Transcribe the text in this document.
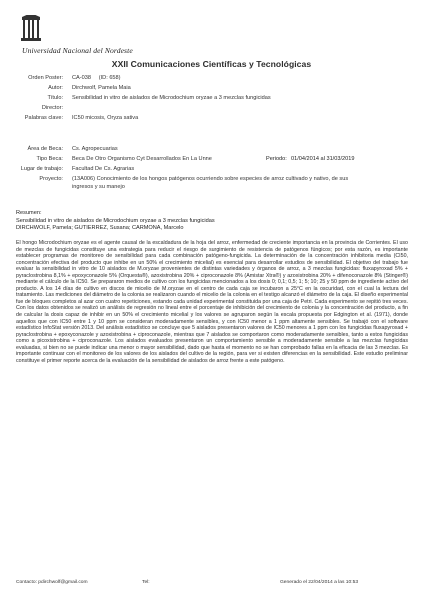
Universidad Nacional del Nordeste
XXII Comunicaciones Científicas y Tecnológicas
Orden Poster: CA-038 (ID: 658)
Autor: Dirchwolf, Pamela Maia
Título: Sensibilidad in vitro de aislados de Microdochium oryzae a 3 mezclas fungicidas
Director:
Palabras clave: IC50 micosis, Oryza sativa
Área de Beca: Cs. Agropecuarias
Tipo Beca: Beca De Otro Organismo Cyt Desarrollados En La Unne	Periodo: 01/04/2014 al 31/03/2019
Lugar de trabajo: Facultad De Cs. Agrarias
Proyecto: (13A006) Conocimiento de los hongos patógenos ocurriendo sobre especies de arroz cultivado y nativo, de sus
ingresos y su manejo
Resumen:
Sensibilidad in vitro de aislados de Microdochium oryzae a 3 mezclas fungicidas
DIRCHWOLF, Pamela; GUTIERREZ, Susana; CARMONA, Marcelo

El hongo Microdochium oryzae es el agente causal de la escaldadura de la hoja del arroz, enfermedad de creciente importancia en la provincia de Corrientes. El uso de mezclas de fungicidas constituye una estrategia para reducir el riesgo de surgimiento de resistencia de patógenos fúngicos; por esta razón, es importante establecer programas de monitoreo de sensibilidad para cada combinación patógeno-fungicida. La determinación de la concentración inhibitoria media (CI50, concentración efectiva del producto que inhibe en un 50% el crecimiento micelial) es esencial para desarrollar estudios de sensibilidad. El objetivo del trabajo fue evaluar la sensibilidad in vitro de 10 aislados de M.oryzae provenientes de distintas variedades y órganos de arroz, a 3 mezclas fungicidas: fluxapyroxad 5% + pyraclostrobina 8,1% + epoxyconazole 5% (Orquesta®), azoxistrobina 20% + ciproconazole 8% (Amistar Xtra®) y azoxistrobina 20% + difenoconazole 8% (Stinger®) mediante el cálculo de la IC50. Se prepararon medios de cultivo con los fungicidas mencionados a los dosis 0; 0,1; 0,5; 1; 5; 10; 25 y 50 ppm de ingrediente activo del producto. A los 14 días de cultivo en discos de micelio de M.oryzae en el centro de cada caja se incubaron a 25°C en la oscuridad, con el cual la lectura del tratamiento. Las mediciones del diámetro de la colonia se realizaron cuando el micelio de la colonia en el testigo alcanzó el diámetro de la caja. El diseño experimental fue de bloques completos al azar con cuatro repeticiones, estando cada unidad experimental constituida por una caja de Petri. Cada experimento se repitió tres veces. Con los datos obtenidos se realizó un análisis de regresión no lineal entre el porcentaje de inhibición del crecimiento de colonia y la concentración del producto, a fin de calcular la dosis capaz de inhibir en un 50% el crecimiento micelial y los valores se agruparon según la escala propuesta por Edgington et al. (1971), donde aquellos que con IC50 entre 1 y 10 ppm se consideran moderadamente sensibles, y con IC50 menor a 1 ppm altamente sensibles. Se trabajó con el software estadístico InfoStat versión 2013. Del análisis estadístico se concluye que 5 aislados presentaron valores de IC50 menores a 1 ppm con los fungicidas fluxapyroxad + pyraclostrobina + epoxyconazole y azoxistrobina + ciproconazole, mientras que 7 aislados se comportaron como moderadamente sensibles, tanto a estos fungicidas como a picoxistrobina + ciproconazole. Los aislados evaluados presentaron un comportamiento sensible a moderadamente sensible a las mezclas fungicidas evaluadas, si bien no se puede indicar una menor o mayor sensibilidad, dado que hasta el momento no se han comprobado fallas en la eficacia de las 3 mezclas. Es importante continuar con el monitoreo de los valores de los aislados del cultivo de la región, para ver si existen diferencias en la sensibilidad. Este estudio preliminar constituye el primer reporte acerca de la evaluación de la sensibilidad de aislados de arroz frente a este patógeno.

Contacto: pdirchwolf@gmail.com	Tel:	Generado el 22/04/2014 a las 10:53
